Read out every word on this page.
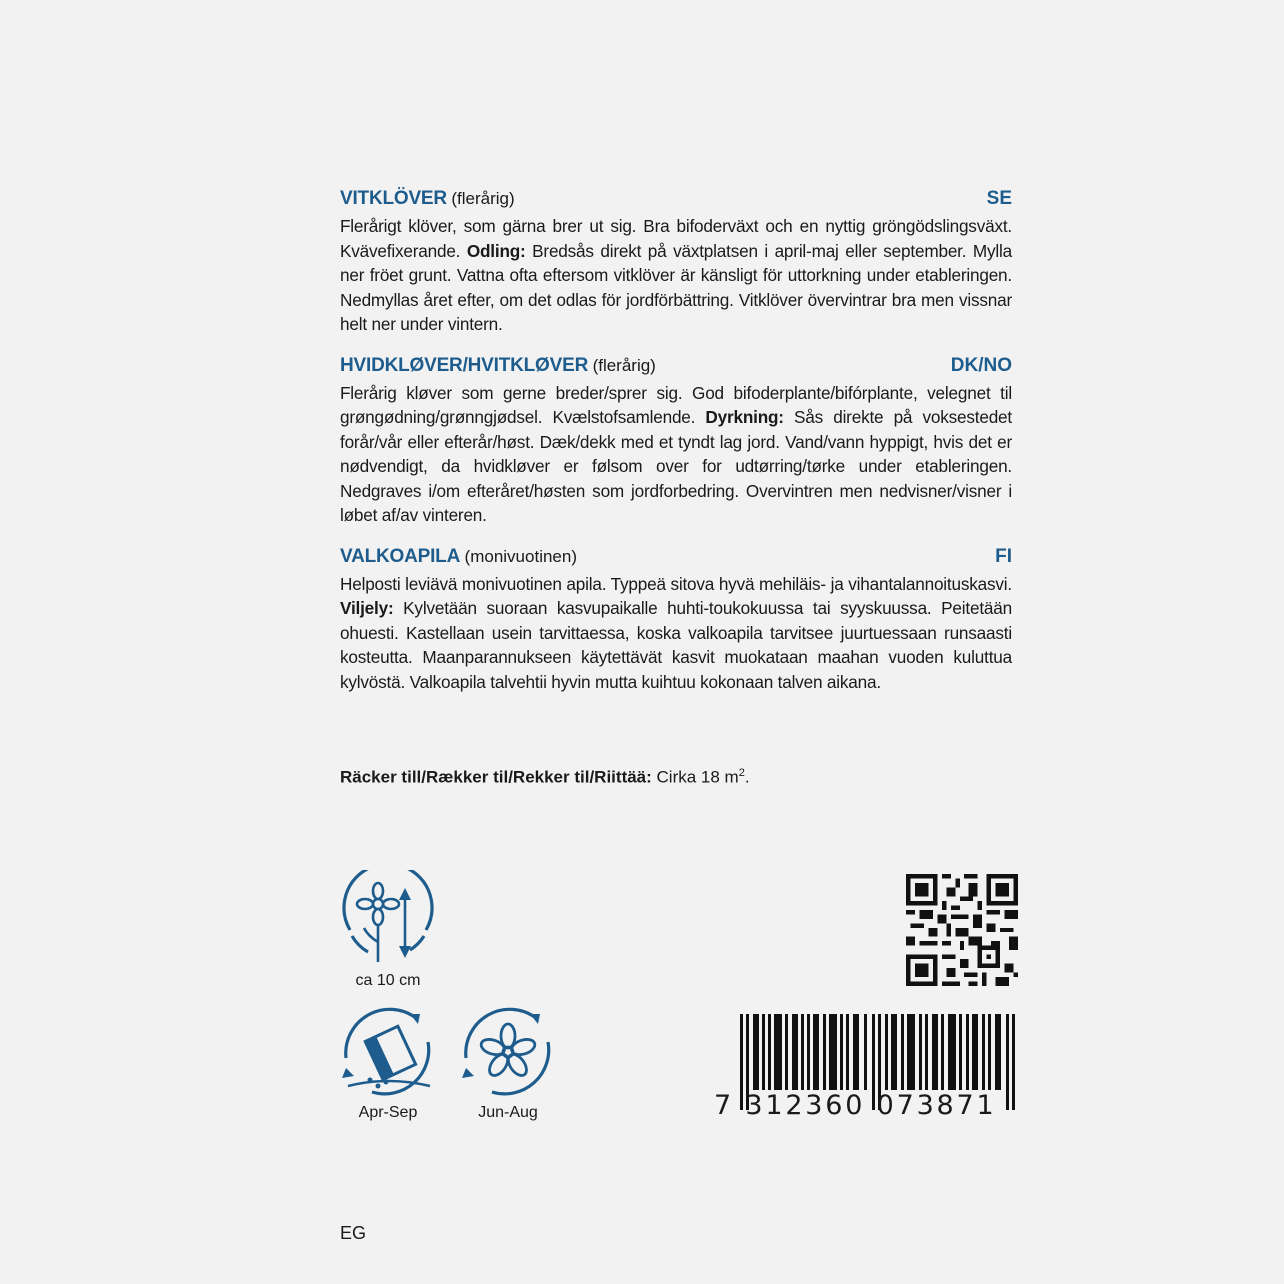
VITKLÖVER (flerårig)	SE
Flerårigt klöver, som gärna brer ut sig. Bra bifoderväxt och en nyttig gröngödslingsväxt. Kvävefixerande. Odling: Bredsås direkt på växtplatsen i april-maj eller september. Mylla ner fröet grunt. Vattna ofta eftersom vitklöver är känsligt för uttorkning under etableringen. Nedmyllas året efter, om det odlas för jordförbättring. Vitklöver övervintrar bra men vissnar helt ner under vintern.
HVIDKLØVER/HVITKLØVER (flerårig)	DK/NO
Flerårig kløver som gerne breder/sprer sig. God bifoderplante/bifórplante, velegnet til grøngødning/grønngjødsel. Kvælstofsamlende. Dyrkning: Sås direkte på voksestedet forår/vår eller efterår/høst. Dæk/dekk med et tyndt lag jord. Vand/vann hyppigt, hvis det er nødvendigt, da hvidkløver er følsom over for udtørring/tørke under etableringen. Nedgraves i/om efteråret/høsten som jordforbedring. Overvintren men nedvisner/visner i løbet af/av vinteren.
VALKOAPILA (monivuotinen)	FI
Helposti leviävä monivuotinen apila. Typpeä sitova hyvä mehiläis- ja vihantalannoituskasvi. Viljely: Kylvetään suoraan kasvupaikalle huhti-toukokuussa tai syyskuussa. Peitetään ohuesti. Kastellaan usein tarvittaessa, koska valkoapila tarvitsee juurtuessaan runsaasti kosteutta. Maanparannukseen käytettävät kasvit muokataan maahan vuoden kuluttua kylvöstä. Valkoapila talvehtii hyvin mutta kuihtuu kokonaan talven aikana.
Räcker till/Rækker til/Rekker til/Riittää: Cirka 18 $m^2$.
ca 10 cm
Apr-Sep	Jun-Aug	7 312360 073871
EG
